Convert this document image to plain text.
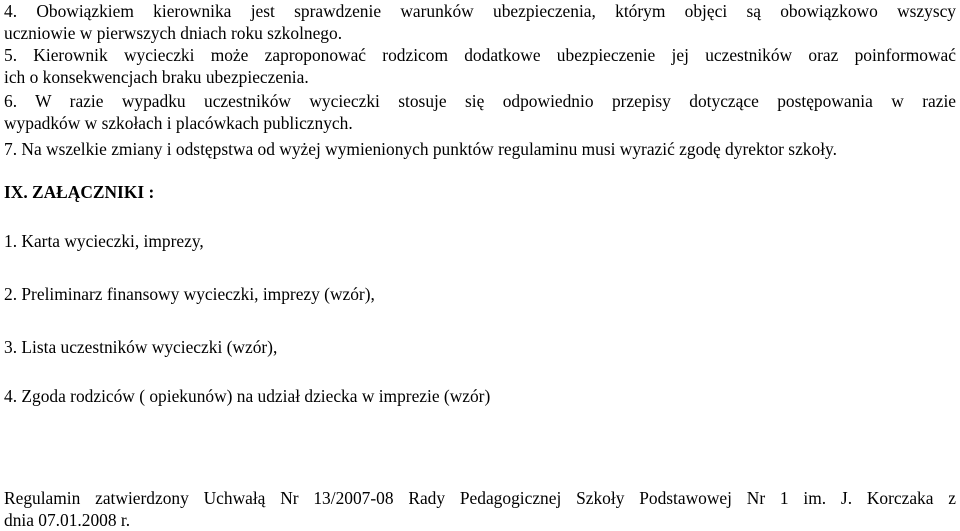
4. Obowiązkiem kierownika jest sprawdzenie warunków ubezpieczenia, którym objęci są obowiązkowo wszyscy
uczniowie w pierwszych dniach roku szkolnego.
5. Kierownik wycieczki może zaproponować rodzicom dodatkowe ubezpieczenie jej uczestników oraz poinformować
ich o konsekwencjach braku ubezpieczenia.
6. W razie wypadku uczestników wycieczki stosuje się odpowiednio przepisy dotyczące postępowania w razie
wypadków w szkołach i placówkach publicznych.
7. Na wszelkie zmiany i odstępstwa od wyżej wymienionych punktów regulaminu musi wyrazić zgodę dyrektor szkoły.
IX. ZAŁĄCZNIKI :
1. Karta wycieczki, imprezy,
2. Preliminarz finansowy wycieczki, imprezy (wzór),
3. Lista uczestników wycieczki (wzór),
4. Zgoda rodziców ( opiekunów) na udział dziecka w imprezie (wzór)
Regulamin zatwierdzony Uchwałą Nr 13/2007-08 Rady Pedagogicznej Szkoły Podstawowej Nr 1 im. J. Korczaka z
dnia 07.01.2008 r.
